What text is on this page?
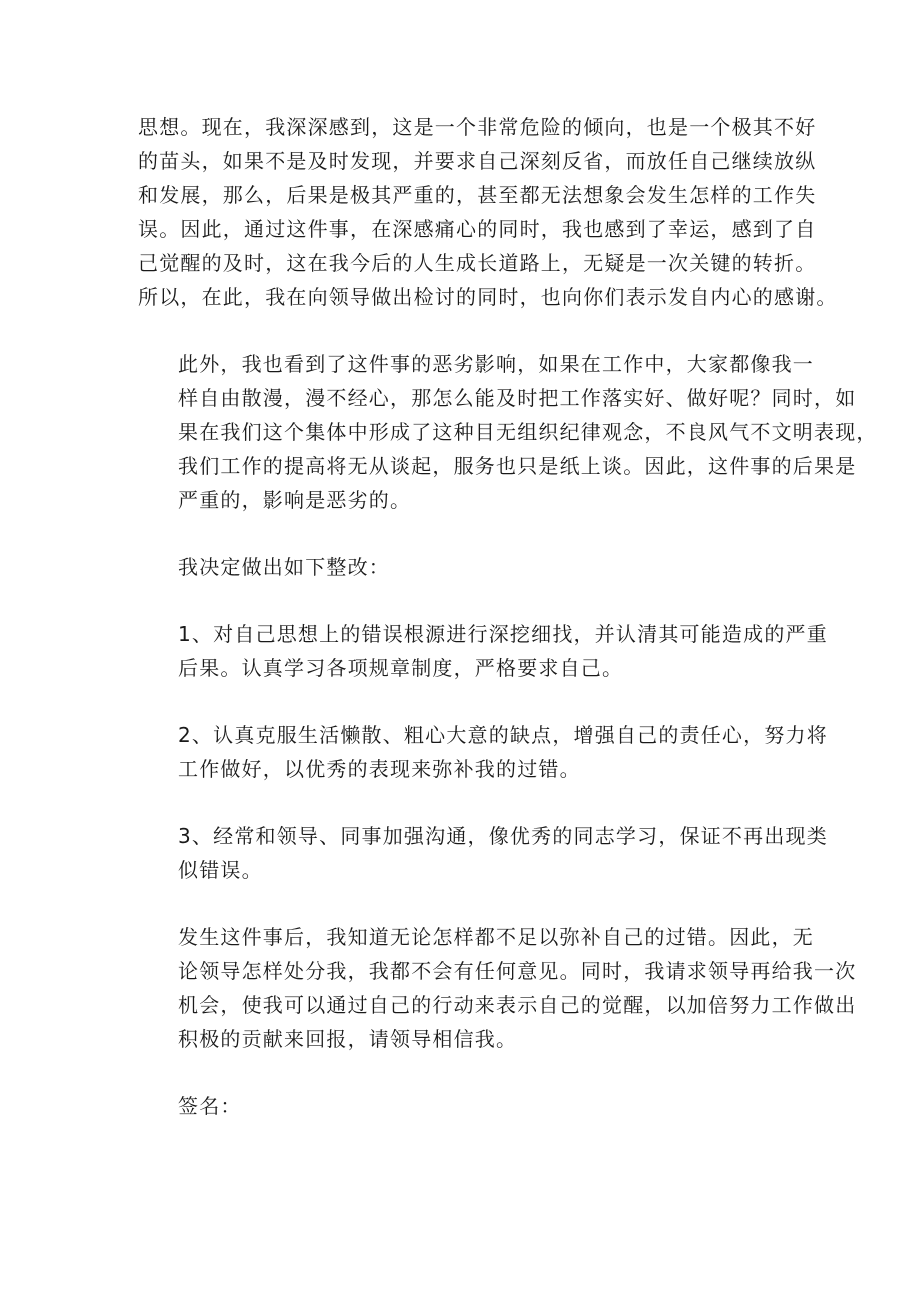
思想。现在，我深深感到，这是一个非常危险的倾向，也是一个极其不好
的苗头，如果不是及时发现，并要求自己深刻反省，而放任自己继续放纵
和发展，那么，后果是极其严重的，甚至都无法想象会发生怎样的工作失
误。因此，通过这件事，在深感痛心的同时，我也感到了幸运，感到了自
己觉醒的及时，这在我今后的人生成长道路上，无疑是一次关键的转折。
所以，在此，我在向领导做出检讨的同时，也向你们表示发自内心的感谢。

此外，我也看到了这件事的恶劣影响，如果在工作中，大家都像我一
样自由散漫，漫不经心，那怎么能及时把工作落实好、做好呢？同时，如
果在我们这个集体中形成了这种目无组织纪律观念，不良风气不文明表现，
我们工作的提高将无从谈起，服务也只是纸上谈。因此，这件事的后果是
严重的，影响是恶劣的。

我决定做出如下整改：

1、对自己思想上的错误根源进行深挖细找，并认清其可能造成的严重
后果。认真学习各项规章制度，严格要求自己。

2、认真克服生活懒散、粗心大意的缺点，增强自己的责任心，努力将
工作做好，以优秀的表现来弥补我的过错。

3、经常和领导、同事加强沟通，像优秀的同志学习，保证不再出现类
似错误。

发生这件事后，我知道无论怎样都不足以弥补自己的过错。因此，无
论领导怎样处分我，我都不会有任何意见。同时，我请求领导再给我一次
机会，使我可以通过自己的行动来表示自己的觉醒，以加倍努力工作做出
积极的贡献来回报，请领导相信我。

签名：
